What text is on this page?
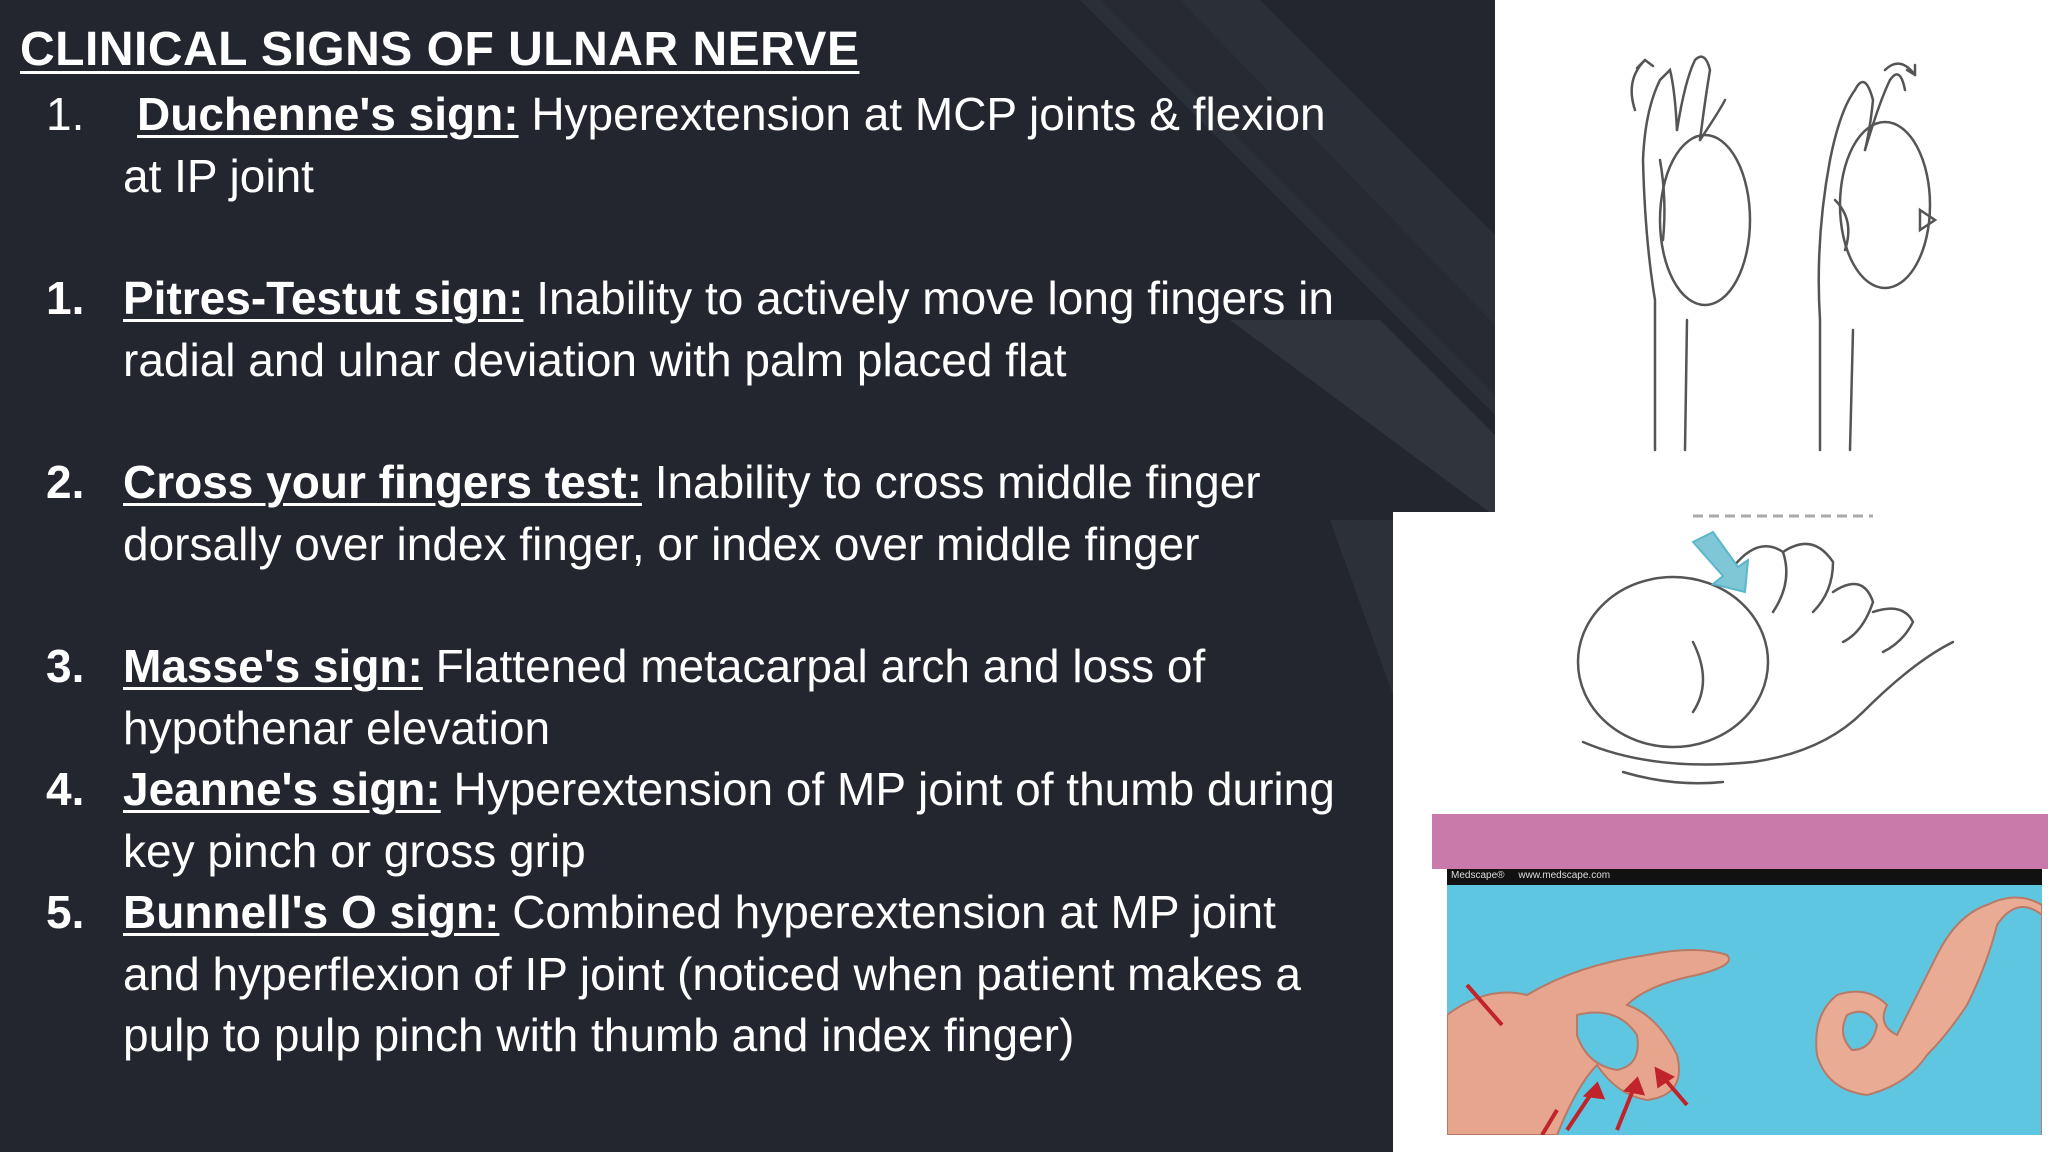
CLINICAL SIGNS OF ULNAR NERVE
1.	Duchenne's sign: Hyperextension at MCP joints & flexion at IP joint
1. Pitres-Testut sign: Inability to actively move long fingers in radial and ulnar deviation with palm placed flat
2. Cross your fingers test: Inability to cross middle finger dorsally over index finger, or index over middle finger
3. Masse's sign: Flattened metacarpal arch and loss of hypothenar elevation
4. Jeanne's sign: Hyperextension of MP joint of thumb during key pinch or gross grip
5. Bunnell's O sign: Combined hyperextension at MP joint and hyperflexion of IP joint (noticed when patient makes a pulp to pulp pinch with thumb and index finger)
Medscape®     www.medscape.com
